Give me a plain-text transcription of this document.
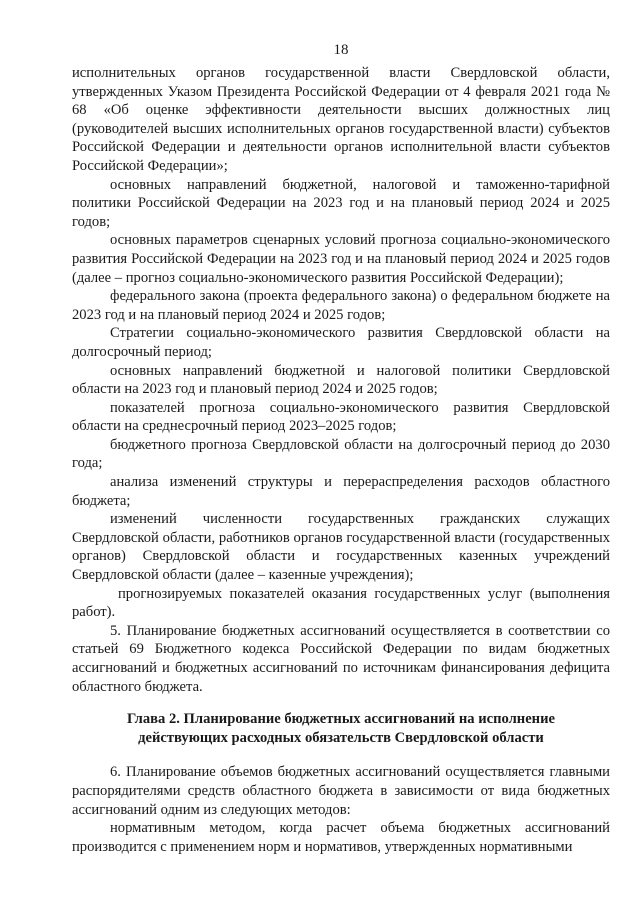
18

исполнительных органов государственной власти Свердловской области, утвержденных Указом Президента Российской Федерации от 4 февраля 2021 года № 68 «Об оценке эффективности деятельности высших должностных лиц (руководителей высших исполнительных органов государственной власти) субъектов Российской Федерации и деятельности органов исполнительной власти субъектов Российской Федерации»;

основных направлений бюджетной, налоговой и таможенно-тарифной политики Российской Федерации на 2023 год и на плановый период 2024 и 2025 годов;

основных параметров сценарных условий прогноза социально-экономического развития Российской Федерации на 2023 год и на плановый период 2024 и 2025 годов (далее – прогноз социально-экономического развития Российской Федерации);

федерального закона (проекта федерального закона) о федеральном бюджете на 2023 год и на плановый период 2024 и 2025 годов;

Стратегии социально-экономического развития Свердловской области на долгосрочный период;

основных направлений бюджетной и налоговой политики Свердловской области на 2023 год и плановый период 2024 и 2025 годов;

показателей прогноза социально-экономического развития Свердловской области на среднесрочный период 2023–2025 годов;

бюджетного прогноза Свердловской области на долгосрочный период до 2030 года;

анализа изменений структуры и перераспределения расходов областного бюджета;

изменений численности государственных гражданских служащих Свердловской области, работников органов государственной власти (государственных органов) Свердловской области и государственных казенных учреждений Свердловской области (далее – казенные учреждения);

прогнозируемых показателей оказания государственных услуг (выполнения работ).

5. Планирование бюджетных ассигнований осуществляется в соответствии со статьей 69 Бюджетного кодекса Российской Федерации по видам бюджетных ассигнований и бюджетных ассигнований по источникам финансирования дефицита областного бюджета.

Глава 2. Планирование бюджетных ассигнований на исполнение
действующих расходных обязательств Свердловской области

6. Планирование объемов бюджетных ассигнований осуществляется главными распорядителями средств областного бюджета в зависимости от вида бюджетных ассигнований одним из следующих методов:

нормативным методом, когда расчет объема бюджетных ассигнований производится с применением норм и нормативов, утвержденных нормативными
